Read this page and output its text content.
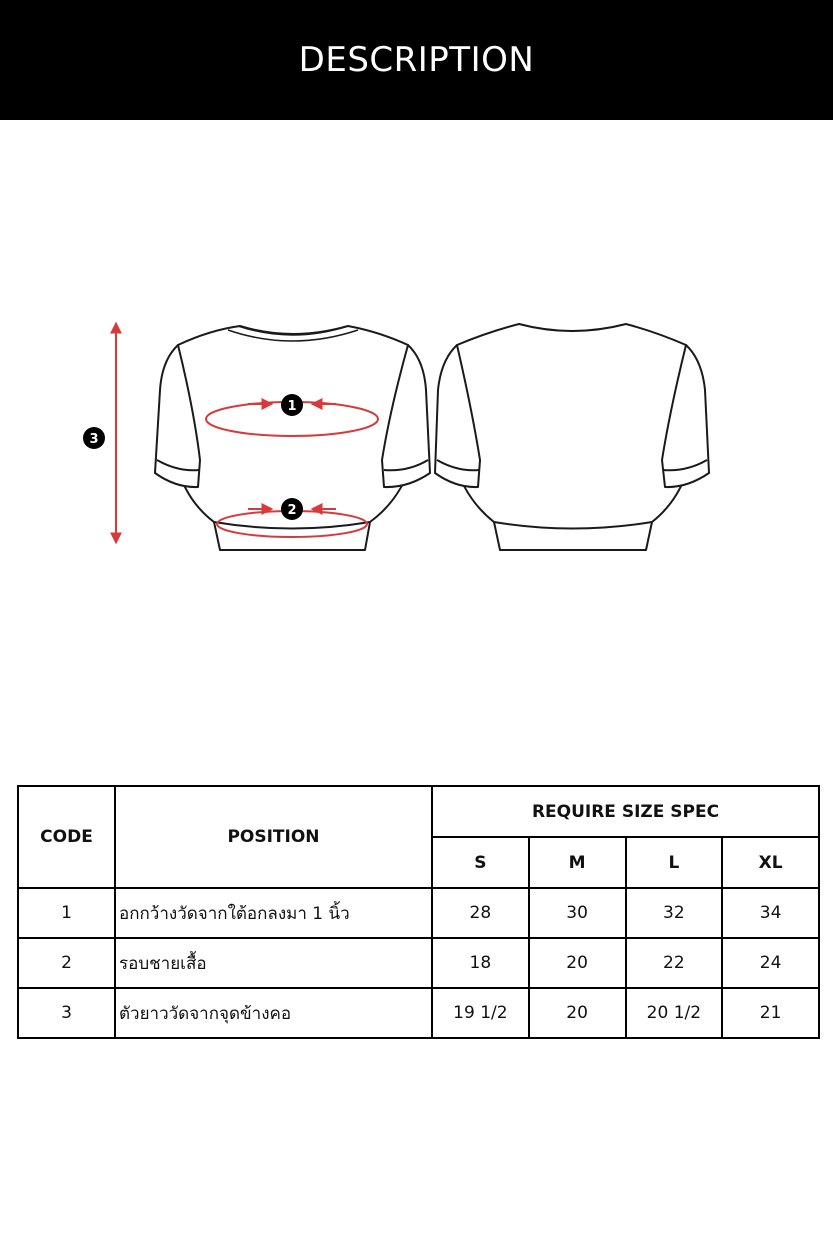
DESCRIPTION
3
1
2
CODE	POSITION	REQUIRE SIZE SPEC			
		S	M	L	XL
1	อกกว้างวัดจากใต้อกลงมา 1 นิ้ว	28	30	32	34
2	รอบชายเสื้อ	18	20	22	24
3	ตัวยาววัดจากจุดข้างคอ	19 1/2	20	20 1/2	21
